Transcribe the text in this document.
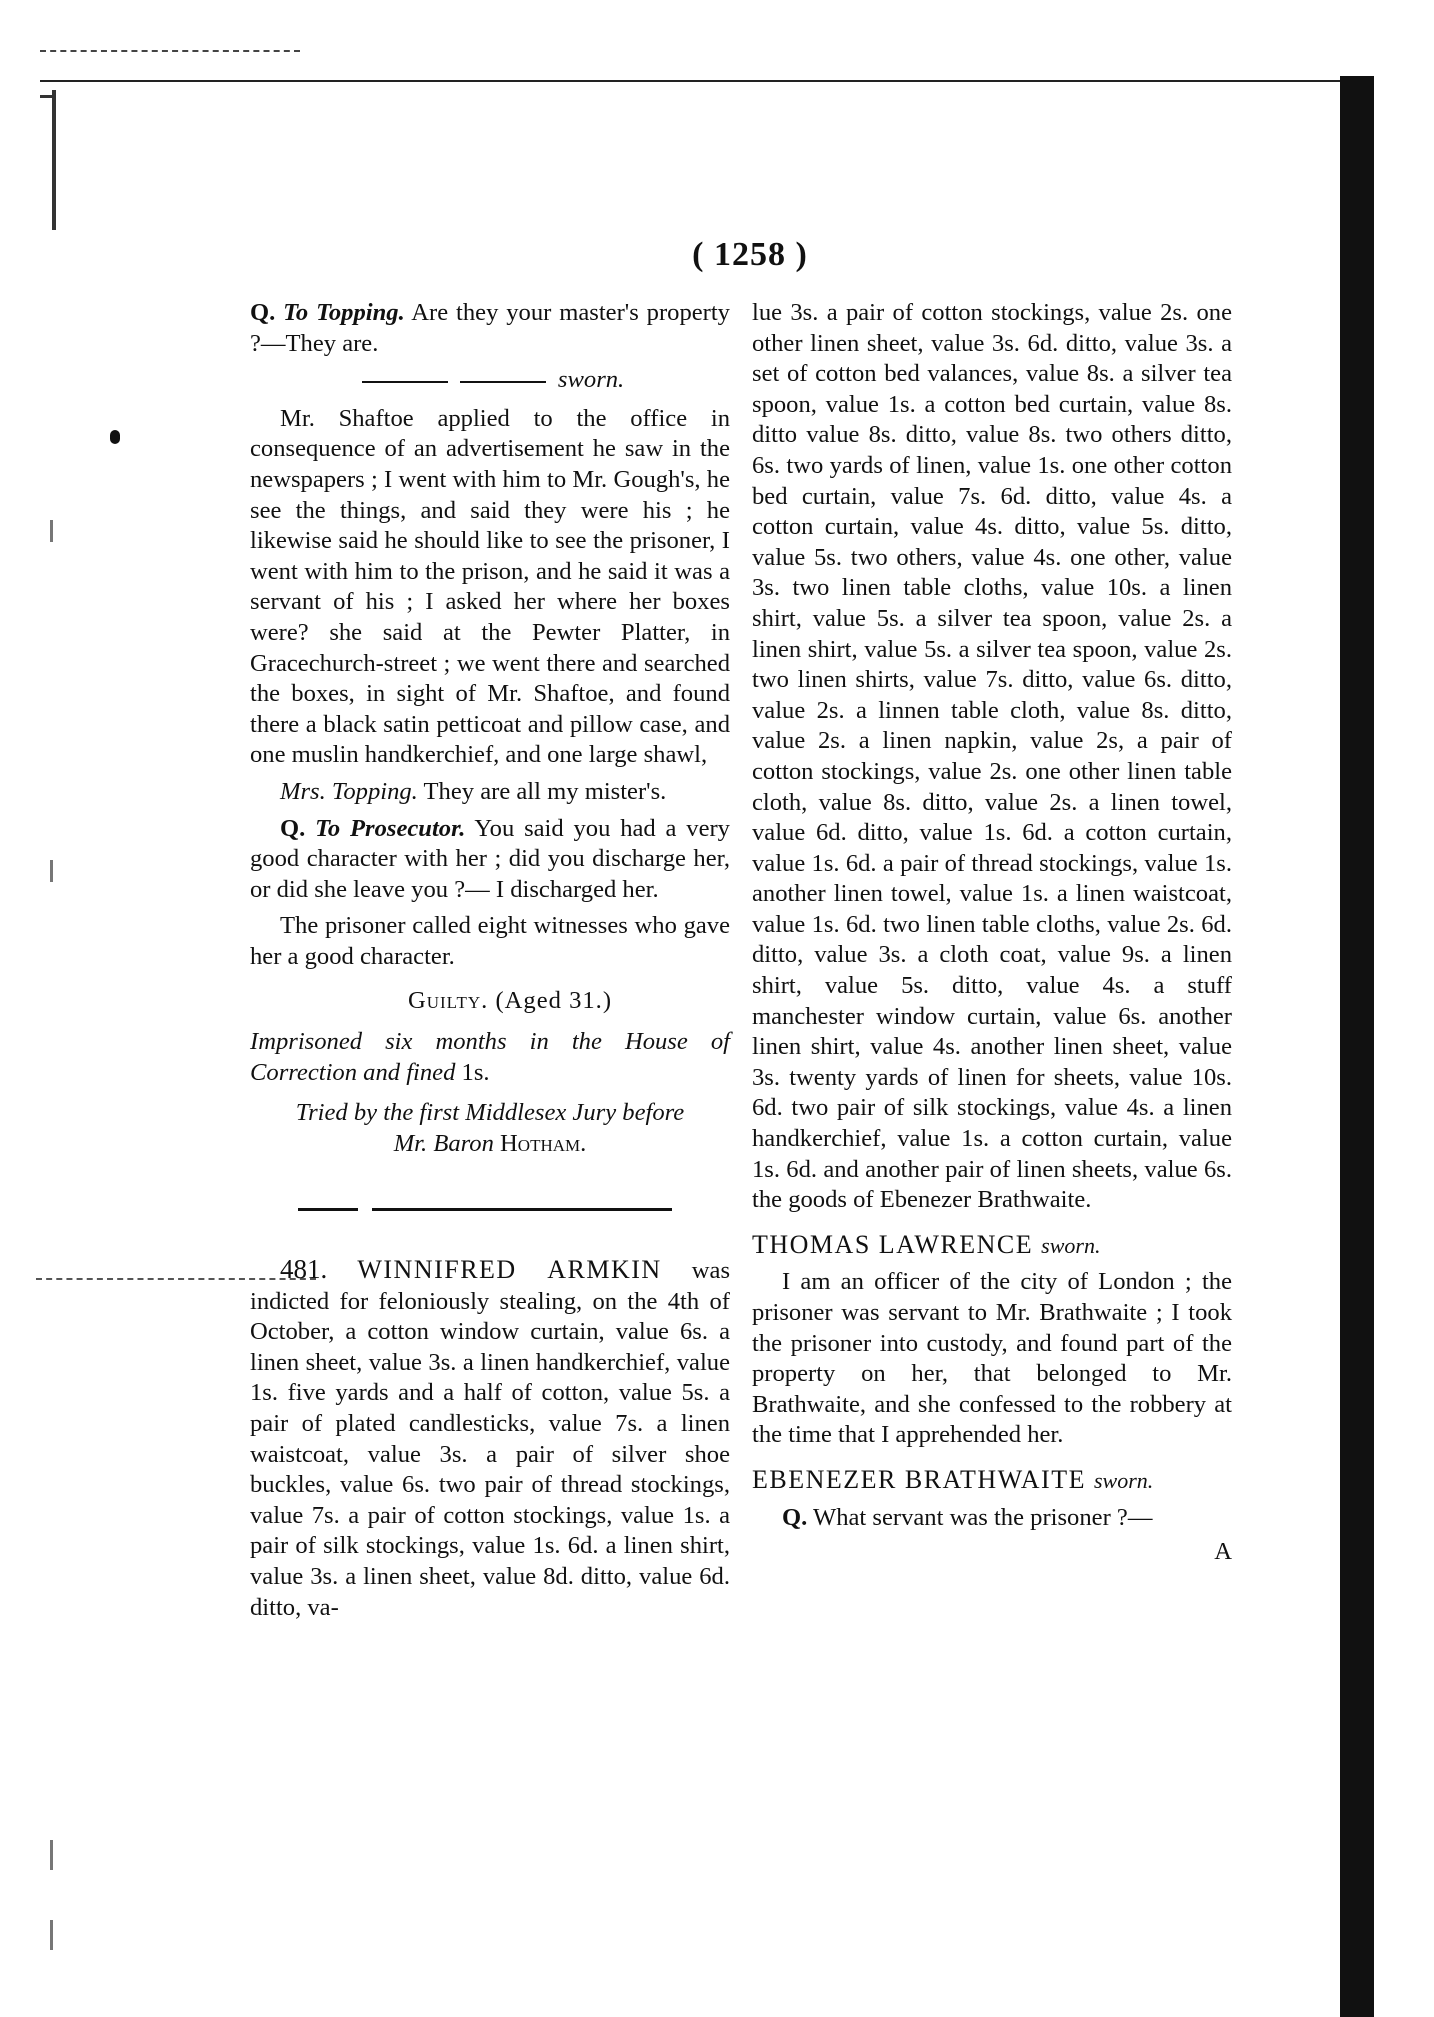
( 1258 )

Q. To Topping. Are they your master's property ?—They are.

sworn.

Mr. Shaftoe applied to the office in consequence of an advertisement he saw in the newspapers ; I went with him to Mr. Gough's, he see the things, and said they were his ; he likewise said he should like to see the prisoner, I went with him to the prison, and he said it was a servant of his ; I asked her where her boxes were? she said at the Pewter Platter, in Gracechurch-street ; we went there and searched the boxes, in sight of Mr. Shaftoe, and found there a black satin petticoat and pillow case, and one muslin handkerchief, and one large shawl,

Mrs. Topping. They are all my mister's.

Q. To Prosecutor. You said you had a very good character with her ; did you discharge her, or did she leave you ?— I discharged her.

The prisoner called eight witnesses who gave her a good character.

Guilty. (Aged 31.)

Imprisoned six months in the House of Correction and fined 1s.

Tried by the first Middlesex Jury before

Mr. Baron Hotham.

481. WINNIFRED ARMKIN was indicted for feloniously stealing, on the 4th of October, a cotton window curtain, value 6s. a linen sheet, value 3s. a linen handkerchief, value 1s. five yards and a half of cotton, value 5s. a pair of plated candlesticks, value 7s. a linen waistcoat, value 3s. a pair of silver shoe buckles, value 6s. two pair of thread stockings, value 7s. a pair of cotton stockings, value 1s. a pair of silk stockings, value 1s. 6d. a linen shirt, value 3s. a linen sheet, value 8d. ditto, value 6d. ditto, va-

lue 3s. a pair of cotton stockings, value 2s. one other linen sheet, value 3s. 6d. ditto, value 3s. a set of cotton bed valances, value 8s. a silver tea spoon, value 1s. a cotton bed curtain, value 8s. ditto value 8s. ditto, value 8s. two others ditto, 6s. two yards of linen, value 1s. one other cotton bed curtain, value 7s. 6d. ditto, value 4s. a cotton curtain, value 4s. ditto, value 5s. ditto, value 5s. two others, value 4s. one other, value 3s. two linen table cloths, value 10s. a linen shirt, value 5s. a silver tea spoon, value 2s. a linen shirt, value 5s. a silver tea spoon, value 2s. two linen shirts, value 7s. ditto, value 6s. ditto, value 2s. a linnen table cloth, value 8s. ditto, value 2s. a linen napkin, value 2s, a pair of cotton stockings, value 2s. one other linen table cloth, value 8s. ditto, value 2s. a linen towel, value 6d. ditto, value 1s. 6d. a cotton curtain, value 1s. 6d. a pair of thread stockings, value 1s. another linen towel, value 1s. a linen waistcoat, value 1s. 6d. two linen table cloths, value 2s. 6d. ditto, value 3s. a cloth coat, value 9s. a linen shirt, value 5s. ditto, value 4s. a stuff manchester window curtain, value 6s. another linen shirt, value 4s. another linen sheet, value 3s. twenty yards of linen for sheets, value 10s. 6d. two pair of silk stockings, value 4s. a linen handkerchief, value 1s. a cotton curtain, value 1s. 6d. and another pair of linen sheets, value 6s. the goods of Ebenezer Brathwaite.

THOMAS LAWRENCE sworn.

I am an officer of the city of London ; the prisoner was servant to Mr. Brathwaite ; I took the prisoner into custody, and found part of the property on her, that belonged to Mr. Brathwaite, and she confessed to the robbery at the time that I apprehended her.

EBENEZER BRATHWAITE sworn.

Q. What servant was the prisoner ?—

A
